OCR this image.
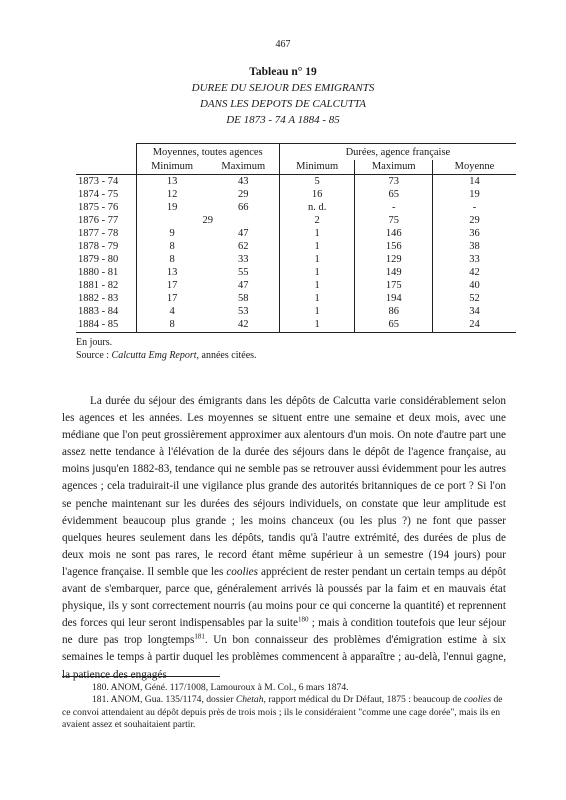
467
Tableau n° 19
DUREE DU SEJOUR DES EMIGRANTS
DANS LES DEPOTS DE CALCUTTA
DE 1873 - 74 A 1884 - 85
	Moyennes, toutes agences		Durées, agence française		
	Minimum	Maximum	Minimum	Maximum	Moyenne
1873 - 74	13	43	5	73	14
1874 - 75	12	29	16	65	19
1875 - 76	19	66	n. d.	-	-
1876 - 77	29		2	75	29
1877 - 78	9	47	1	146	36
1878 - 79	8	62	1	156	38
1879 - 80	8	33	1	129	33
1880 - 81	13	55	1	149	42
1881 - 82	17	47	1	175	40
1882 - 83	17	58	1	194	52
1883 - 84	4	53	1	86	34
1884 - 85	8	42	1	65	24
En jours.
Source : Calcutta Emg Report, années citées.

La durée du séjour des émigrants dans les dépôts de Calcutta varie considérablement selon les agences et les années. Les moyennes se situent entre une semaine et deux mois, avec une médiane que l'on peut grossièrement approximer aux alentours d'un mois. On note d'autre part une assez nette tendance à l'élévation de la durée des séjours dans le dépôt de l'agence française, au moins jusqu'en 1882-83, tendance qui ne semble pas se retrouver aussi évidemment pour les autres agences ; cela traduirait-il une vigilance plus grande des autorités britanniques de ce port ? Si l'on se penche maintenant sur les durées des séjours individuels, on constate que leur amplitude est évidemment beaucoup plus grande ; les moins chanceux (ou les plus ?) ne font que passer quelques heures seulement dans les dépôts, tandis qu'à l'autre extrémité, des durées de plus de deux mois ne sont pas rares, le record étant même supérieur à un semestre (194 jours) pour l'agence française. Il semble que les coolies apprécient de rester pendant un certain temps au dépôt avant de s'embarquer, parce que, généralement arrivés là poussés par la faim et en mauvais état physique, ils y sont correctement nourris (au moins pour ce qui concerne la quantité) et reprennent des forces qui leur seront indispensables par la suite$^{180}$ ; mais à condition toutefois que leur séjour ne dure pas trop longtemps$^{181}$. Un bon connaisseur des problèmes d'émigration estime à six semaines le temps à partir duquel les problèmes commencent à apparaître ; au-delà, l'ennui gagne, la patience des engagés

180. ANOM, Géné. 117/1008, Lamouroux à M. Col., 6 mars 1874.

181. ANOM, Gua. 135/1174, dossier Chetah, rapport médical du Dr Défaut, 1875 : beaucoup de coolies de ce convoi attendaient au dépôt depuis près de trois mois ; ils le considéraient "comme une cage dorée", mais ils en avaient assez et souhaitaient partir.
